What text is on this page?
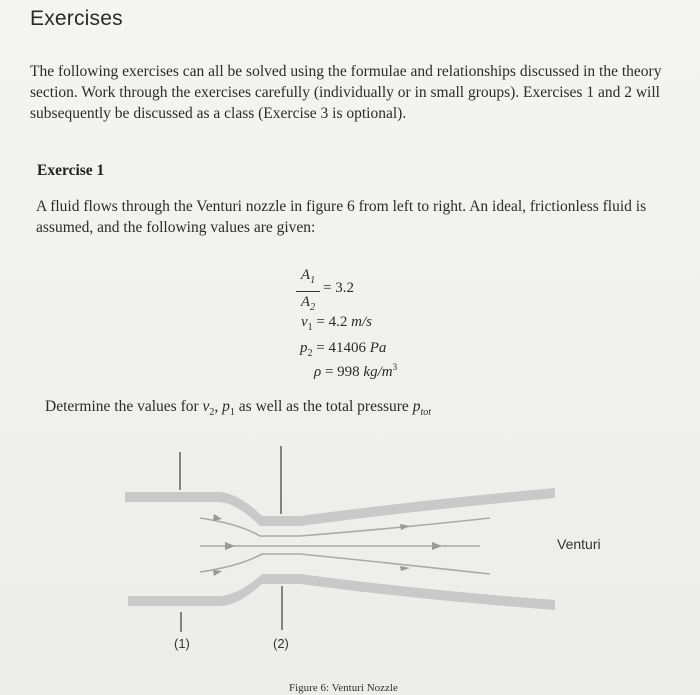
Exercises
The following exercises can all be solved using the formulae and relationships discussed in the theory section. Work through the exercises carefully (individually or in small groups). Exercises 1 and 2 will subsequently be discussed as a class (Exercise 3 is optional).
Exercise 1
A fluid flows through the Venturi nozzle in figure 6 from left to right. An ideal, frictionless fluid is assumed, and the following values are given:
$A_1$
$A_2$
= 3.2
$v_1 = 4.2$ m/s
$p_2 = 41406$ Pa
ρ = 998 $kg/m^3$
Determine the values for $v_2$, $p_1$ as well as the total pressure $p_{tot}$
Venturi
(1)	(2)
Figure 6: Venturi Nozzle
